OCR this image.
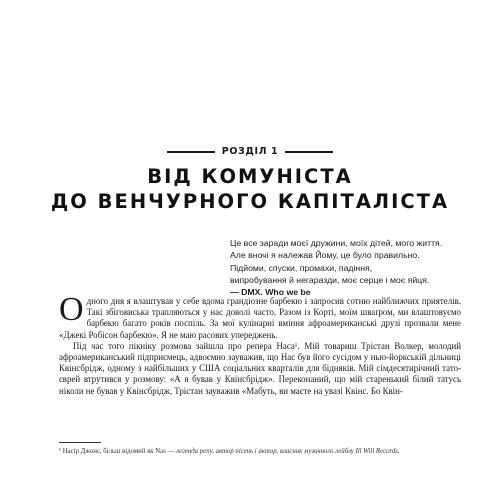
РОЗДІЛ 1
ВІД КОМУНІСТА
ДО ВЕНЧУРНОГО КАПІТАЛІСТА
Це все заради моєї дружини, моїх дітей, мого життя.
Але вночі я належав Йому, це було правильно.
Підйоми, спуски, промахи, падіння,
випробування й негаразди, моє серце і моє яйця.
— DMX. Who we be

Одного дня я влаштував у себе вдома грандіозне барбекю і запросив сотню найближчих приятелів. Такі збіговиська трапляються у нас доволі часто. Разом із Корті, моїм шваґром, ми влаштовуємо барбекю багато років поспіль. За мої кулінарні вміння афроамериканські друзі прозвали мене «Джекі Робісон барбекю». Я не маю расових упереджень.

Під час того пікніку розмова зайшла про репера Наса¹. Мій товариш Трістан Волкер, молодий афроамериканський підприємець, адвоємно зауважив, що Нас був його сусідом у нью-йоркській дільниці Квінсбрідж, одному з найбільших у США соціальних кварталів для бідняків. Мій сімдесятирічний тато-єврей втрутився у розмову: «А я бував у Квінсбрідж». Переконаний, що мій старенький білий татусь ніколи не бував у Квінсбрідж, Трістан зауважив «Мабуть, ви маєте на увазі Квінс. Бо Квін-

¹ Насір Джонс, більш відомий як Nas — легенда репу, автор пісень і актор, власник музичного лейблу Ill Will Records.
